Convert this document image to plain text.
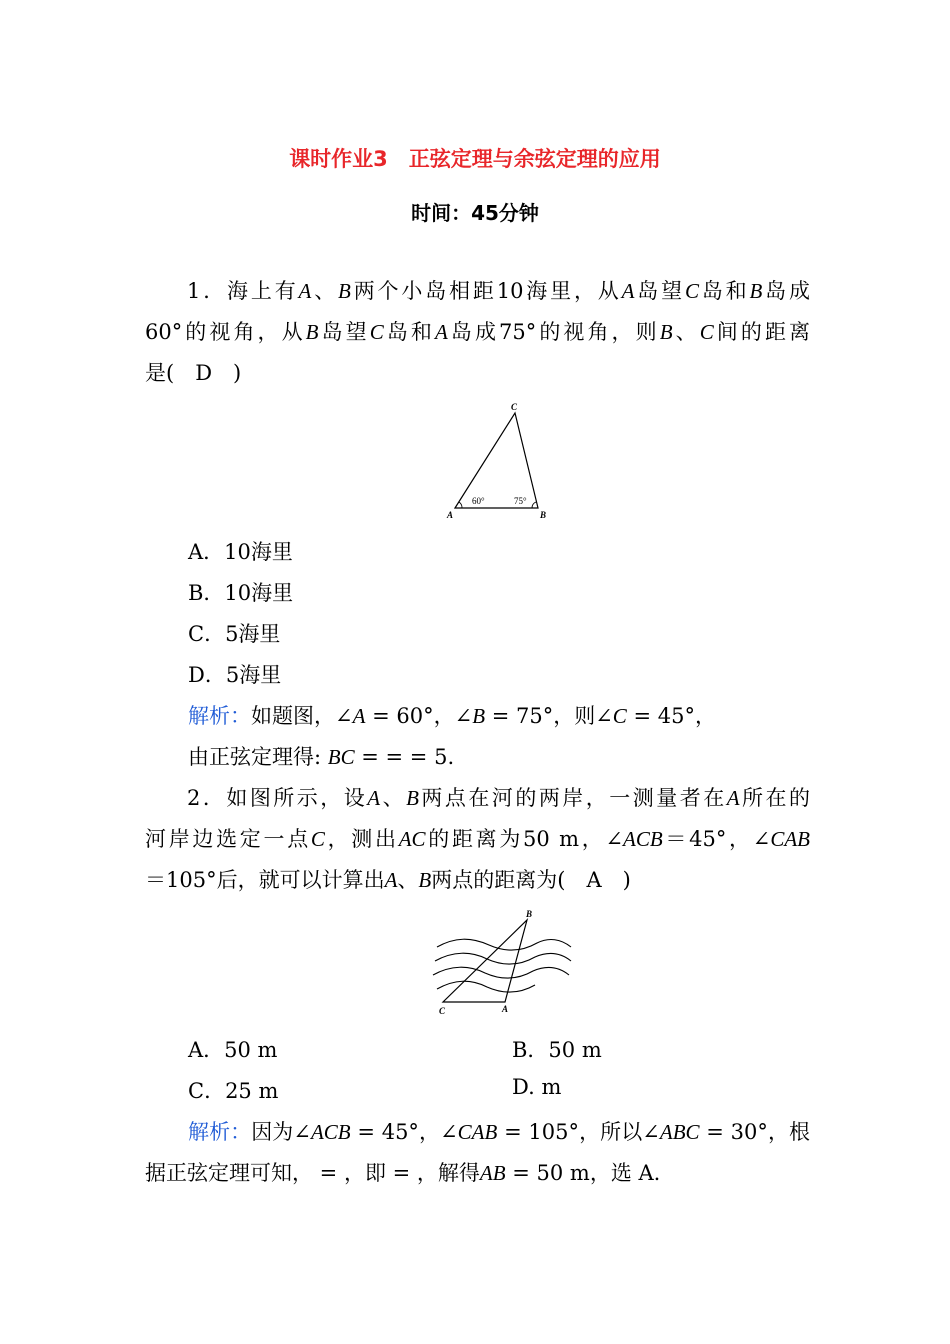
课时作业3　正弦定理与余弦定理的应用
时间：45分钟
1．海上有A、B两个小岛相距10海里，从A岛望C岛和B岛成
60°的视角，从B岛望C岛和A岛成75°的视角，则B、C间的距离
是(　D　)
C
A	B
60°	75°
A．10海里
B．10海里
C．5海里
D．5海里
解析：如题图，∠A = 60°，∠B = 75°，则∠C = 45°，
由正弦定理得: BC = = = 5.
2．如图所示，设A、B两点在河的两岸，一测量者在A所在的
河岸边选定一点C，测出AC的距离为50 m，∠ACB＝45°，∠CAB
＝105°后，就可以计算出A、B两点的距离为(　A　)
B
C	A
A．50 m	B．50 m
C．25 m	D. m
解析：因为∠ACB = 45°，∠CAB = 105°，所以∠ABC = 30°，根
据正弦定理可知， = ，即 = ，解得AB = 50 m，选 A.
